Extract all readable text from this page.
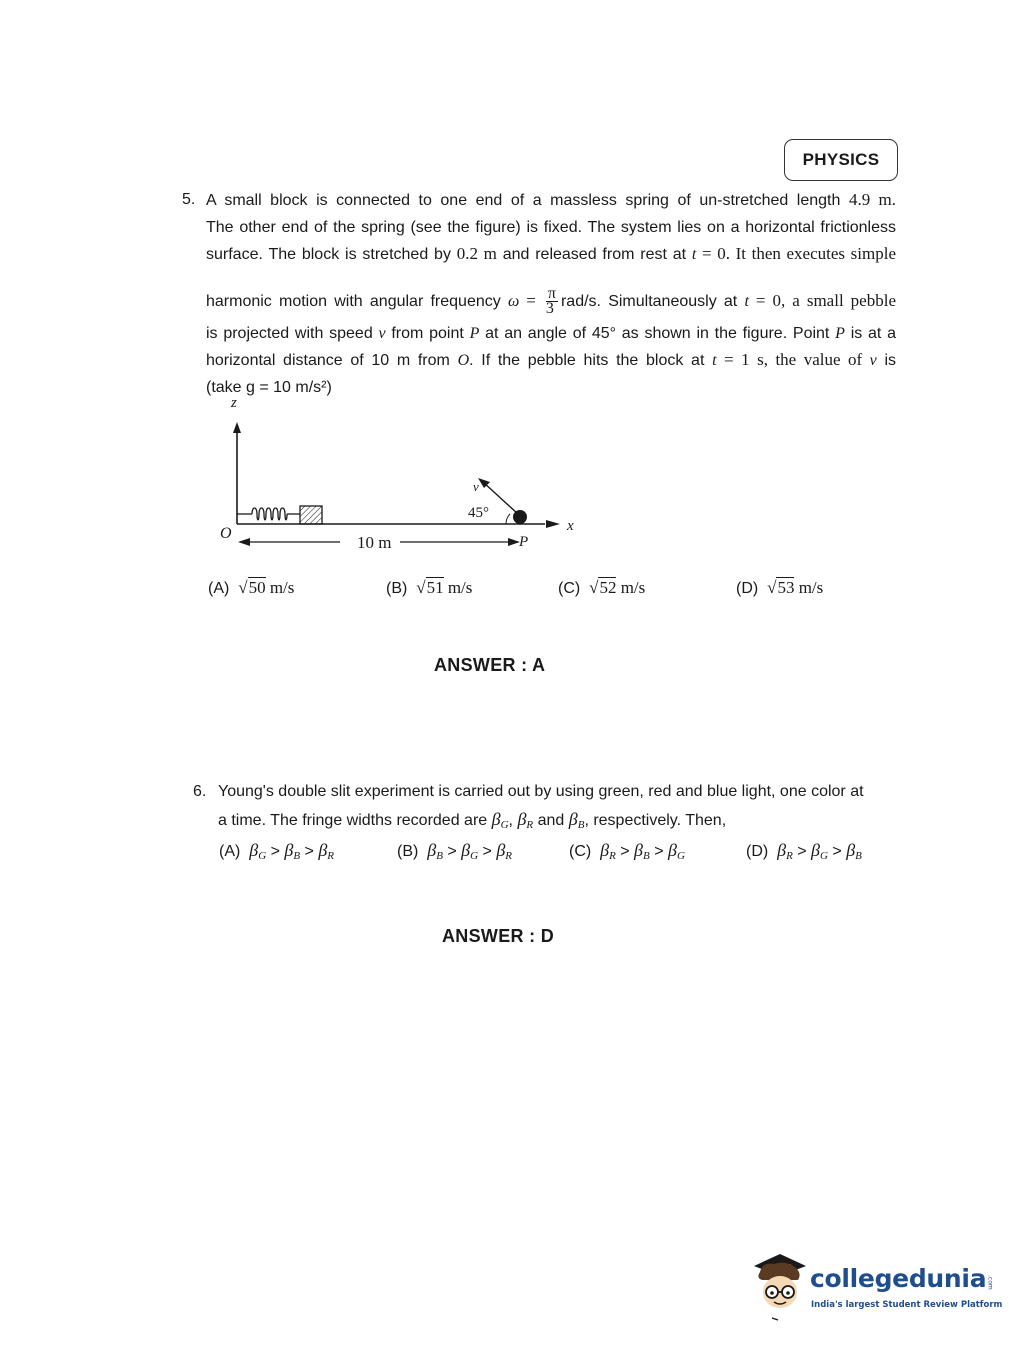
PHYSICS
5. A small block is connected to one end of a massless spring of un-stretched length 4.9 m.
The other end of the spring (see the figure) is fixed. The system lies on a horizontal frictionless
surface. The block is stretched by 0.2 m and released from rest at t = 0. It then executes simple
harmonic motion with angular frequency $\omega = \frac{\pi}{3} rad/s$. Simultaneously at t = 0, a small pebble
is projected with speed v from point P at an angle of 45° as shown in the figure. Point P is at a
horizontal distance of 10 m from O. If the pebble hits the block at t = 1 s, the value of v is
(take g = 10 m/s²)
z
x
v
45°
O	10 m	P
(A) √50 m/s	(B) √51 m/s	(C) √52 m/s	(D) √53 m/s
ANSWER : A
6. Young's double slit experiment is carried out by using green, red and blue light, one color at
a time. The fringe widths recorded are $\beta_G$, $\beta_R$ and $\beta_B$, respectively. Then,
(A) $\beta_G > \beta_B > \beta_R$	(B) $\beta_B > \beta_G > \beta_R$	(C) $\beta_R > \beta_B > \beta_G$	(D) $\beta_R > \beta_G > \beta_B$
ANSWER : D
collegedunia.com
India's largest Student Review Platform
